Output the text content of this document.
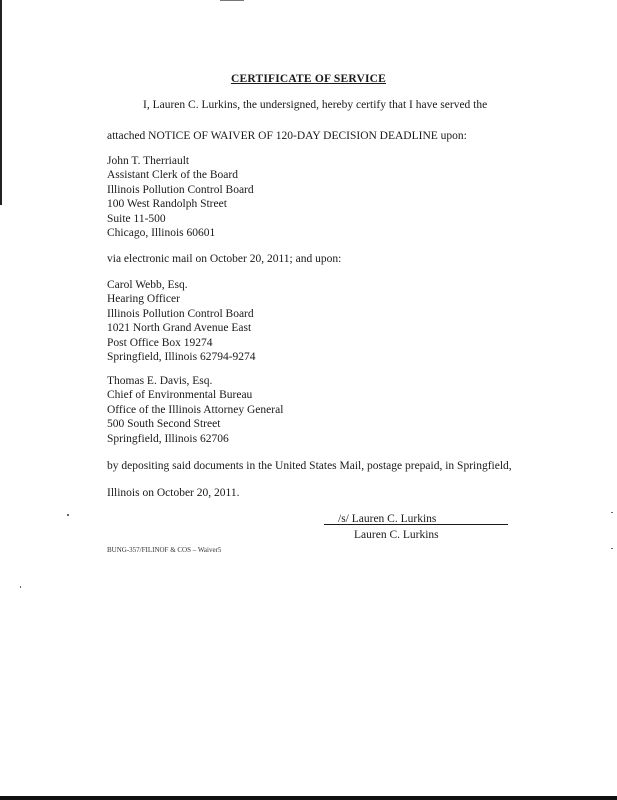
CERTIFICATE OF SERVICE
I, Lauren C. Lurkins, the undersigned, hereby certify that I have served the
attached NOTICE OF WAIVER OF 120-DAY DECISION DEADLINE upon:
John T. Therriault
Assistant Clerk of the Board
Illinois Pollution Control Board
100 West Randolph Street
Suite 11-500
Chicago, Illinois 60601
via electronic mail on October 20, 2011; and upon:
Carol Webb, Esq.
Hearing Officer
Illinois Pollution Control Board
1021 North Grand Avenue East
Post Office Box 19274
Springfield, Illinois 62794-9274
Thomas E. Davis, Esq.
Chief of Environmental Bureau
Office of the Illinois Attorney General
500 South Second Street
Springfield, Illinois 62706
by depositing said documents in the United States Mail, postage prepaid, in Springfield,
Illinois on October 20, 2011.
/s/ Lauren C. Lurkins
Lauren C. Lurkins
BUNG-357/FILINOF & COS – Waiver5
